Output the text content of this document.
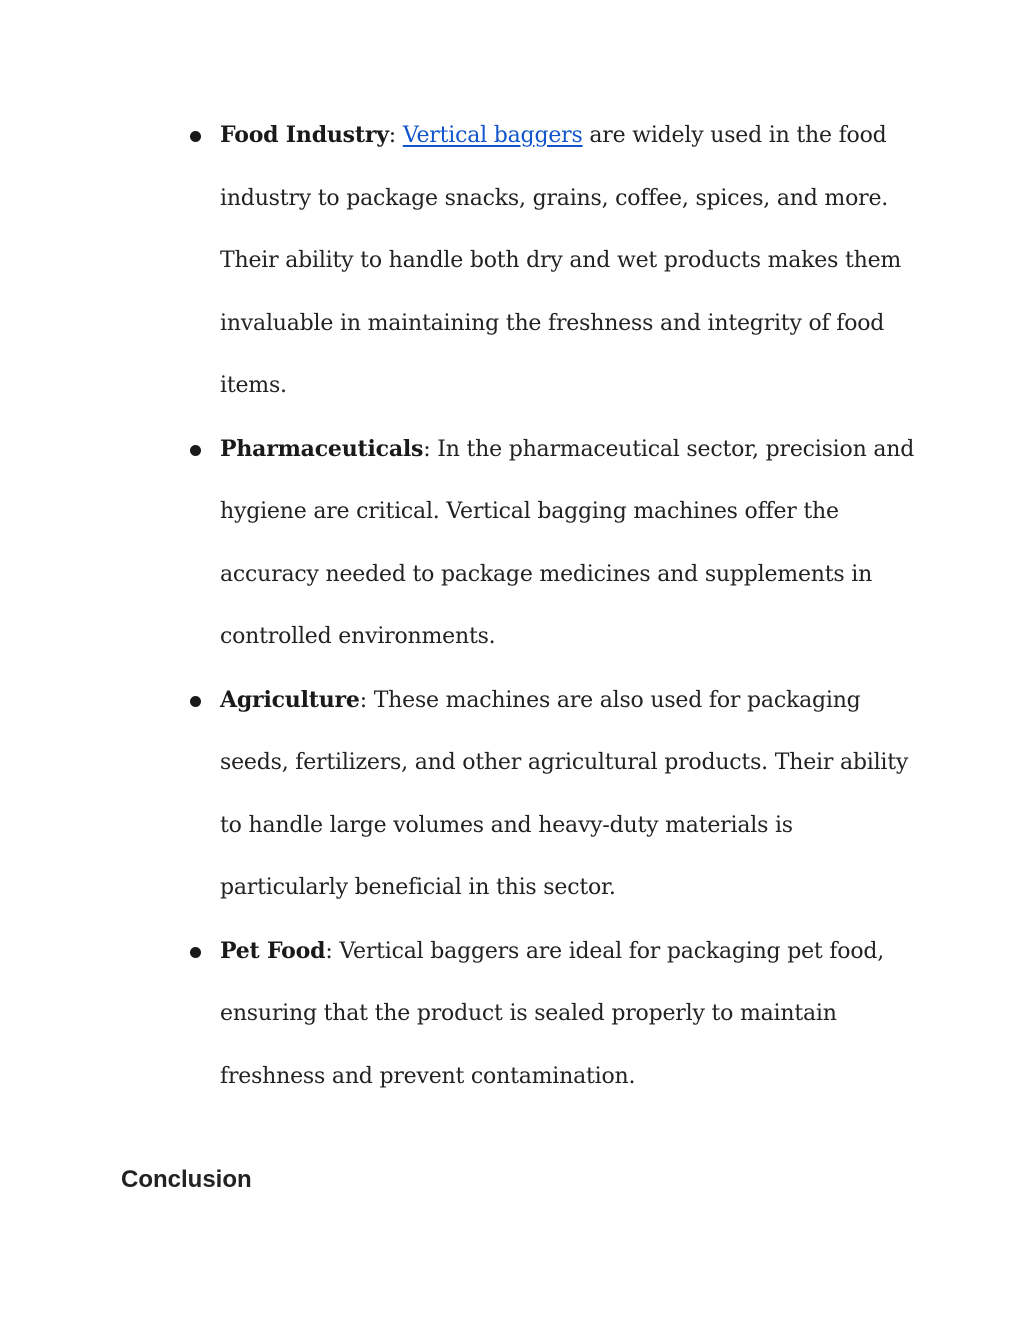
Food Industry: Vertical baggers are widely used in the food industry to package snacks, grains, coffee, spices, and more. Their ability to handle both dry and wet products makes them invaluable in maintaining the freshness and integrity of food items.
Pharmaceuticals: In the pharmaceutical sector, precision and hygiene are critical. Vertical bagging machines offer the accuracy needed to package medicines and supplements in controlled environments.
Agriculture: These machines are also used for packaging seeds, fertilizers, and other agricultural products. Their ability to handle large volumes and heavy-duty materials is particularly beneficial in this sector.
Pet Food: Vertical baggers are ideal for packaging pet food, ensuring that the product is sealed properly to maintain freshness and prevent contamination.
Conclusion
